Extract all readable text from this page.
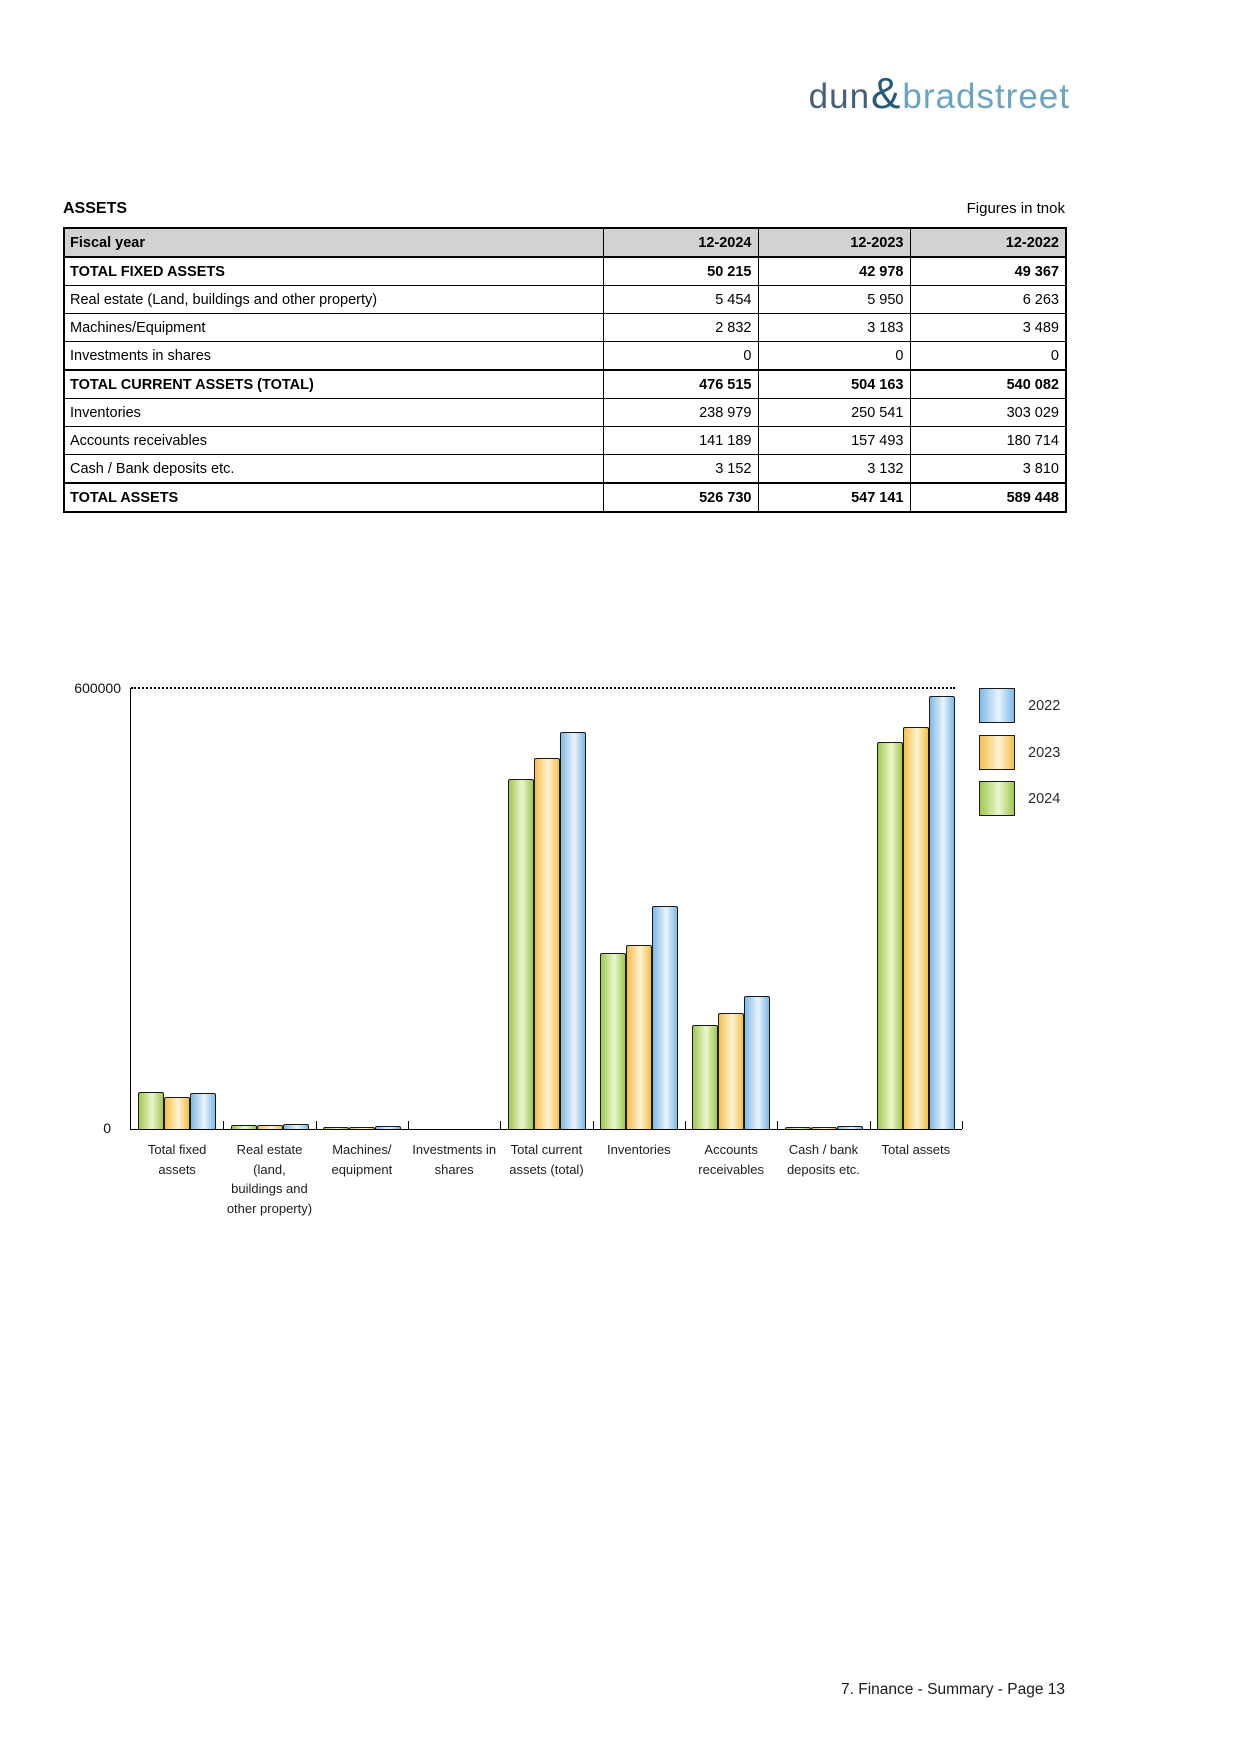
dun & bradstreet
ASSETS	Figures in tnok
Fiscal year	12-2024	12-2023	12-2022
TOTAL FIXED ASSETS	50 215	42 978	49 367
Real estate (Land, buildings and other property)	5 454	5 950	6 263
Machines/Equipment	2 832	3 183	3 489
Investments in shares	0	0	0
TOTAL CURRENT ASSETS (TOTAL)	476 515	504 163	540 082
Inventories	238 979	250 541	303 029
Accounts receivables	141 189	157 493	180 714
Cash / Bank deposits etc.	3 152	3 132	3 810
TOTAL ASSETS	526 730	547 141	589 448
600000
0
Total fixed
assets
Real estate
(land,
buildings and
other property)
Machines/
equipment
Investments in
shares
Total current
assets (total)
Inventories	Accounts
receivables
Cash / bank
deposits etc.
Total assets
2022
2023
2024
7. Finance - Summary - Page 13
